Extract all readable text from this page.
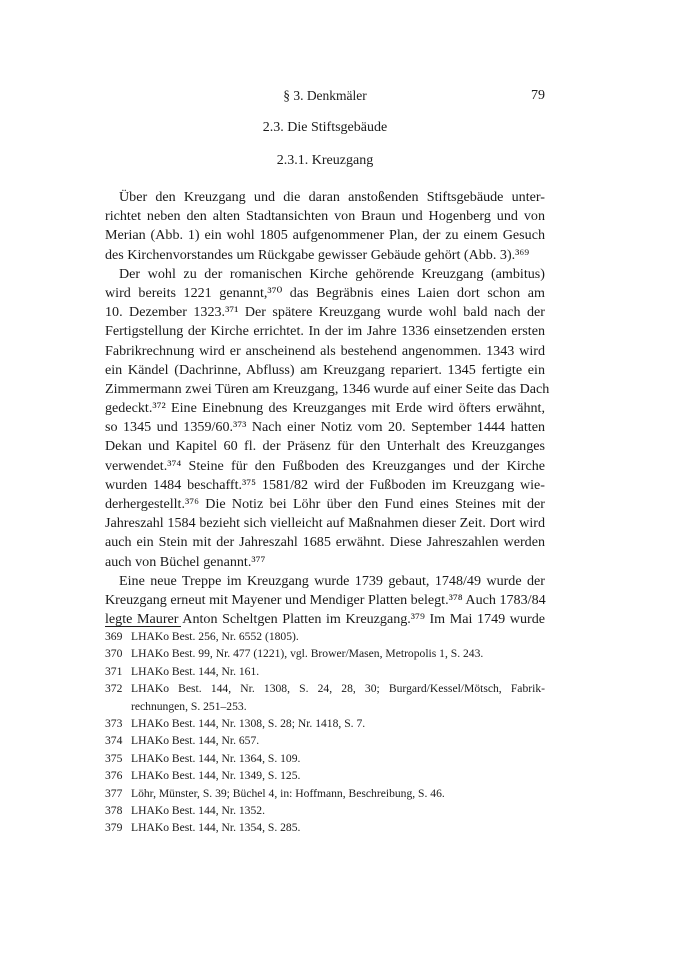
§ 3. Denkmäler	79
2.3. Die Stiftsgebäude
2.3.1. Kreuzgang
Über den Kreuzgang und die daran anstoßenden Stiftsgebäude unter-
richtet neben den alten Stadtansichten von Braun und Hogenberg und von
Merian (Abb. 1) ein wohl 1805 aufgenommener Plan, der zu einem Gesuch
des Kirchenvorstandes um Rückgabe gewisser Gebäude gehört (Abb. 3).³⁶⁹
Der wohl zu der romanischen Kirche gehörende Kreuzgang (ambitus)
wird bereits 1221 genannt,³⁷⁰ das Begräbnis eines Laien dort schon am
10. Dezember 1323.³⁷¹ Der spätere Kreuzgang wurde wohl bald nach der
Fertigstellung der Kirche errichtet. In der im Jahre 1336 einsetzenden ersten
Fabrikrechnung wird er anscheinend als bestehend angenommen. 1343 wird
ein Kändel (Dachrinne, Abfluss) am Kreuzgang repariert. 1345 fertigte ein
Zimmermann zwei Türen am Kreuzgang, 1346 wurde auf einer Seite das Dach
gedeckt.³⁷² Eine Einebnung des Kreuzganges mit Erde wird öfters erwähnt,
so 1345 und 1359/60.³⁷³ Nach einer Notiz vom 20. September 1444 hatten
Dekan und Kapitel 60 fl. der Präsenz für den Unterhalt des Kreuzganges
verwendet.³⁷⁴ Steine für den Fußboden des Kreuzganges und der Kirche
wurden 1484 beschafft.³⁷⁵ 1581/82 wird der Fußboden im Kreuzgang wie-
derhergestellt.³⁷⁶ Die Notiz bei Löhr über den Fund eines Steines mit der
Jahreszahl 1584 bezieht sich vielleicht auf Maßnahmen dieser Zeit. Dort wird
auch ein Stein mit der Jahreszahl 1685 erwähnt. Diese Jahreszahlen werden
auch von Büchel genannt.³⁷⁷
Eine neue Treppe im Kreuzgang wurde 1739 gebaut, 1748/49 wurde der
Kreuzgang erneut mit Mayener und Mendiger Platten belegt.³⁷⁸ Auch 1783/84
legte Maurer Anton Scheltgen Platten im Kreuzgang.³⁷⁹ Im Mai 1749 wurde
369 LHAKo Best. 256, Nr. 6552 (1805).
370 LHAKo Best. 99, Nr. 477 (1221), vgl. Brower/Masen, Metropolis 1, S. 243.
371 LHAKo Best. 144, Nr. 161.
372 LHAKo Best. 144, Nr. 1308, S. 24, 28, 30; Burgard/Kessel/Mötsch, Fabrik-
rechnungen, S. 251–253.
373 LHAKo Best. 144, Nr. 1308, S. 28; Nr. 1418, S. 7.
374 LHAKo Best. 144, Nr. 657.
375 LHAKo Best. 144, Nr. 1364, S. 109.
376 LHAKo Best. 144, Nr. 1349, S. 125.
377 Löhr, Münster, S. 39; Büchel 4, in: Hoffmann, Beschreibung, S. 46.
378 LHAKo Best. 144, Nr. 1352.
379 LHAKo Best. 144, Nr. 1354, S. 285.
